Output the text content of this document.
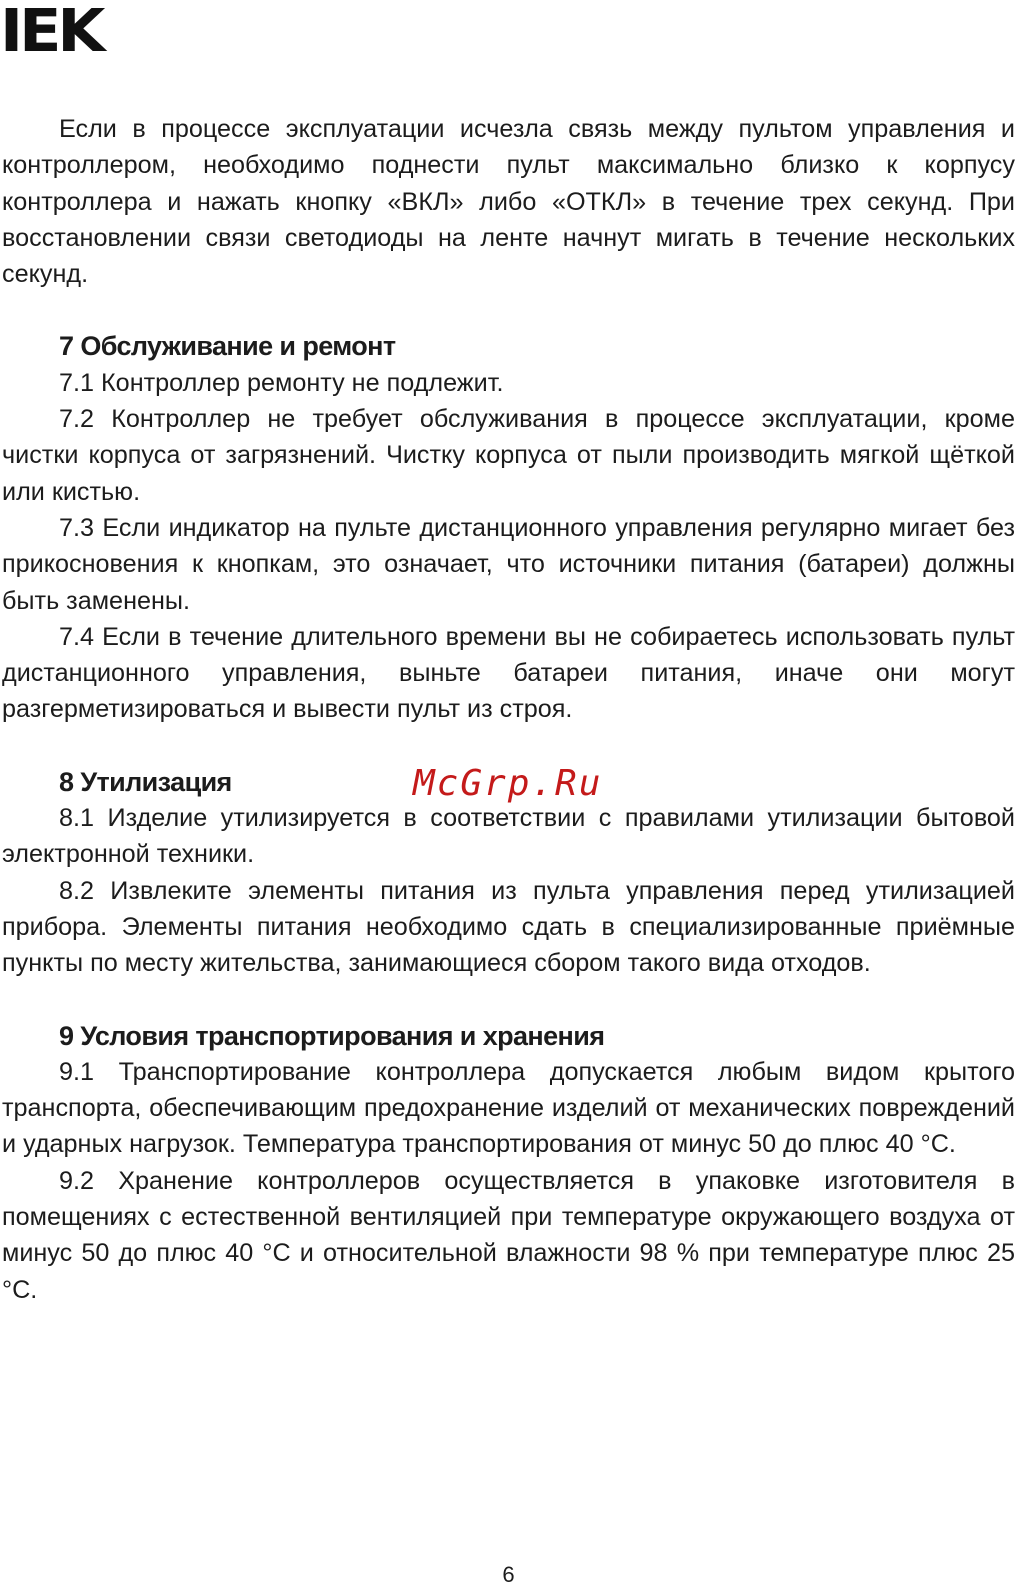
IEK

Если в процессе эксплуатации исчезла связь между пультом управления и контроллером, необходимо поднести пульт максимально близко к корпусу контроллера и нажать кнопку «ВКЛ» либо «ОТКЛ» в течение трех секунд. При восстановлении связи светодиоды на ленте начнут мигать в течение нескольких секунд.

7 Обслуживание и ремонт

7.1 Контроллер ремонту не подлежит.

7.2 Контроллер не требует обслуживания в процессе эксплуатации, кроме чистки корпуса от загрязнений. Чистку корпуса от пыли производить мягкой щёткой или кистью.

7.3 Если индикатор на пульте дистанционного управления регулярно мигает без прикосновения к кнопкам, это означает, что источники питания (батареи) должны быть заменены.

7.4 Если в течение длительного времени вы не собираетесь использовать пульт дистанционного управления, выньте батареи питания, иначе они могут разгерметизироваться и вывести пульт из строя.

8 Утилизация

8.1 Изделие утилизируется в соответствии с правилами утилизации бытовой электронной техники.

8.2 Извлеките элементы питания из пульта управления перед утилизацией прибора. Элементы питания необходимо сдать в специализированные приёмные пункты по месту жительства, занимающиеся сбором такого вида отходов.

9 Условия транспортирования и хранения

9.1 Транспортирование контроллера допускается любым видом крытого транспорта, обеспечивающим предохранение изделий от механических повреждений и ударных нагрузок. Температура транспортирования от минус 50 до плюс 40 °С.

9.2 Хранение контроллеров осуществляется в упаковке изготовителя в помещениях с естественной вентиляцией при температуре окружающего воздуха от минус 50 до плюс 40 °С и относительной влажности 98 % при температуре плюс 25 °С.

McGrp.Ru
6
